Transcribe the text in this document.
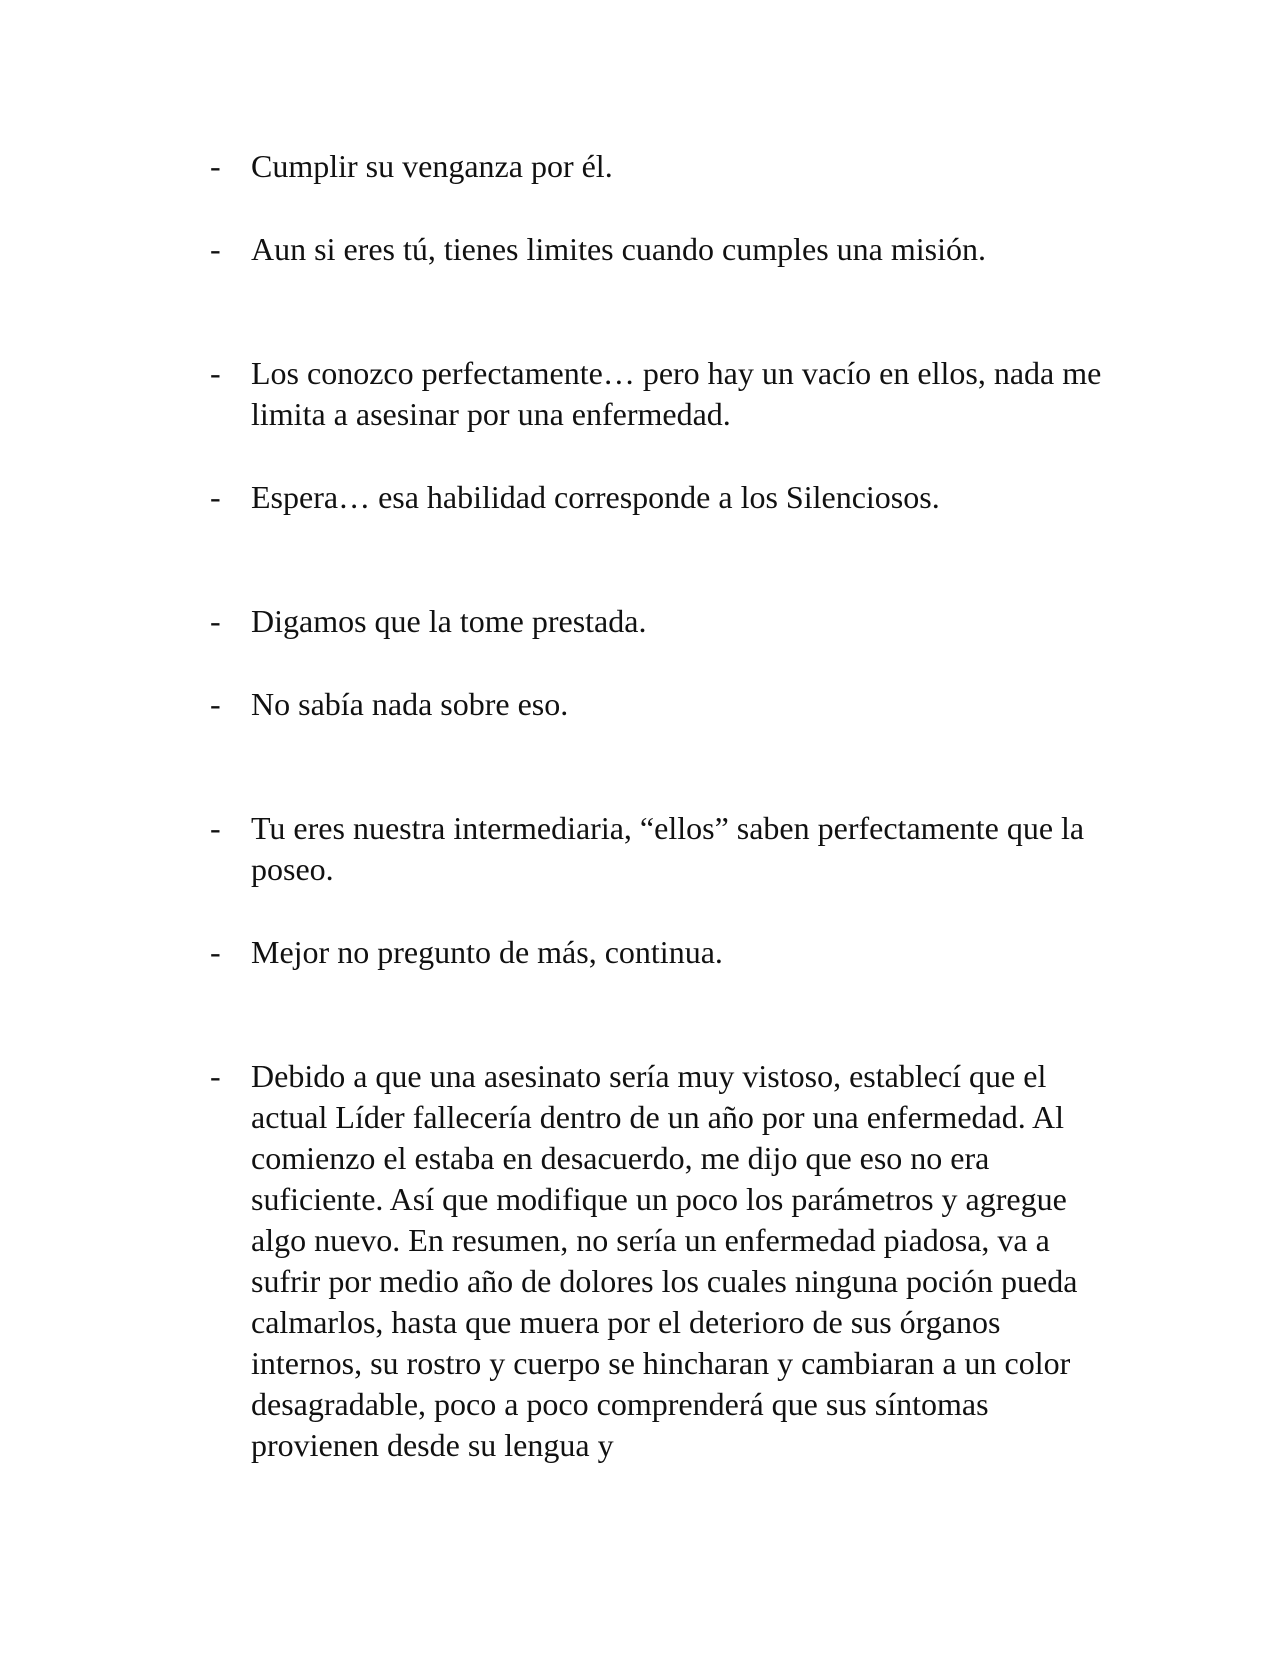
- Cumplir su venganza por él.
- Aun si eres tú, tienes limites cuando cumples una misión.
- Los conozco perfectamente… pero hay un vacío en ellos, nada me limita a asesinar por una enfermedad.
- Espera… esa habilidad corresponde a los Silenciosos.
- Digamos que la tome prestada.
- No sabía nada sobre eso.
- Tu eres nuestra intermediaria, “ellos” saben perfectamente que la poseo.
- Mejor no pregunto de más, continua.
- Debido a que una asesinato sería muy vistoso, establecí que el actual Líder fallecería dentro de un año por una enfermedad. Al comienzo el estaba en desacuerdo, me dijo que eso no era suficiente. Así que modifique un poco los parámetros y agregue algo nuevo. En resumen, no sería un enfermedad piadosa, va a sufrir por medio año de dolores los cuales ninguna poción pueda calmarlos, hasta que muera por el deterioro de sus órganos internos, su rostro y cuerpo se hincharan y cambiaran a un color desagradable, poco a poco comprenderá que sus síntomas provienen desde su lengua y
